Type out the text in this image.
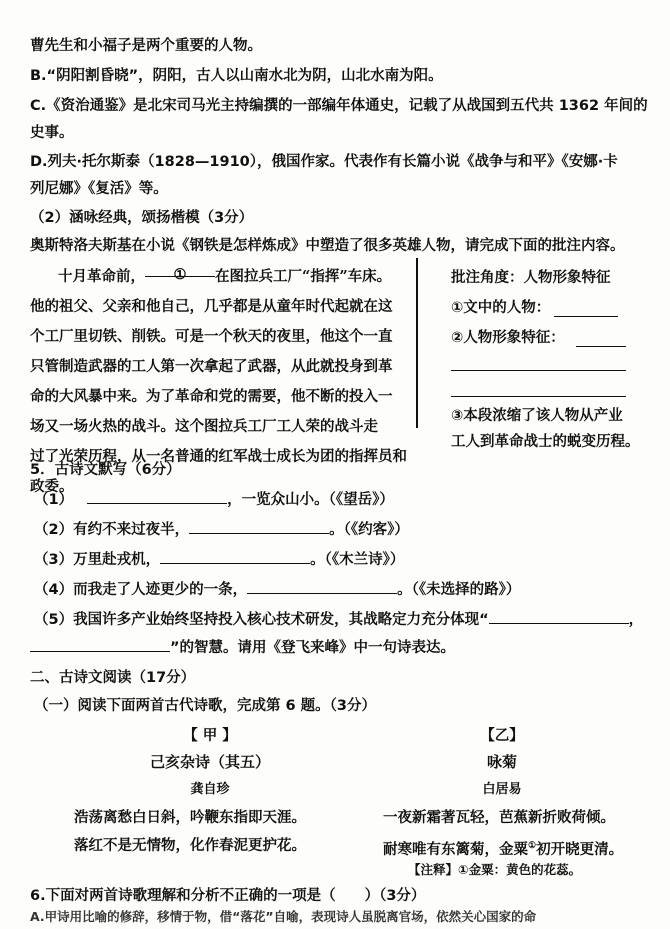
曹先生和小福子是两个重要的人物。
B.“阴阳割昏晓”，阴阳，古人以山南水北为阴，山北水南为阳。
C.《资治通鉴》是北宋司马光主持编撰的一部编年体通史，记载了从战国到五代共 1362 年间的
史事。
D.列夫·托尔斯泰（1828—1910），俄国作家。代表作有长篇小说《战争与和平》《安娜·卡
列尼娜》《复活》等。
（2）涵咏经典，颂扬楷模（3分）
奥斯特洛夫斯基在小说《钢铁是怎样炼成》中塑造了很多英雄人物，请完成下面的批注内容。
十月革命前， ① 在图拉兵工厂“指挥”车床。
他的祖父、父亲和他自己，几乎都是从童年时代起就在这
个工厂里切铁、削铁。可是一个秋天的夜里，他这个一直
只管制造武器的工人第一次拿起了武器，从此就投身到革
命的大风暴中来。为了革命和党的需要，他不断的投入一
场又一场火热的战斗。这个图拉兵工厂工人荣的战斗走
过了光荣历程，从一名普通的红军战士成长为团的指挥员和
政委。
批注角度：人物形象特征
①文中的人物：
②人物形象特征：
③本段浓缩了该人物从产业
工人到革命战士的蜕变历程。
5．古诗文默写（6分）
（1）	，一览众山小。（《望岳》）
（2）有约不来过夜半，	。（《约客》）
（3）万里赴戎机，	。（《木兰诗》）
（4）而我走了人迹更少的一条，	。（《未选择的路》）
（5）我国许多产业始终坚持投入核心技术研发，其战略定力充分体现“	，
”的智慧。请用《登飞来峰》中一句诗表达。
二、古诗文阅读（17分）
（一）阅读下面两首古代诗歌，完成第 6 题。（3分）
【 甲 】
己亥杂诗（其五）
龚自珍
浩荡离愁白日斜，吟鞭东指即天涯。
落红不是无情物，化作春泥更护花。
【乙】
咏菊
白居易
一夜新霜著瓦轻，芭蕉新折败荷倾。
耐寒唯有东篱菊，金粟①初开晓更清。
【注释】①金粟：黄色的花蕊。
6.下面对两首诗歌理解和分析不正确的一项是（　　）（3分）
A.甲诗用比喻的修辞，移情于物，借“落花”自喻，表现诗人虽脱离官场，依然关心国家的命
